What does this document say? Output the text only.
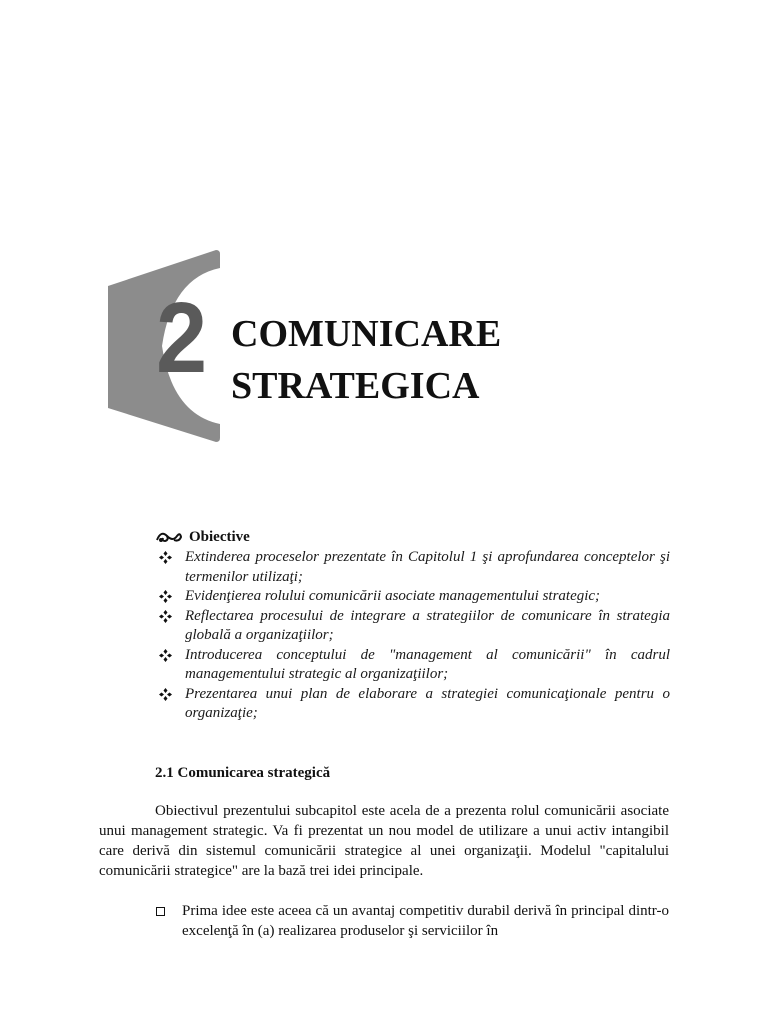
2 COMUNICARE
STRATEGICA
Obiective
Extinderea proceselor prezentate în Capitolul 1 şi aprofundarea conceptelor şi termenilor utilizaţi;
Evidenţierea rolului comunicării asociate managementului strategic;
Reflectarea procesului de integrare a strategiilor de comunicare în strategia globală a organizaţiilor;
Introducerea conceptului de "management al comunicării" în cadrul managementului strategic al organizaţiilor;
Prezentarea unui plan de elaborare a strategiei comunicaţionale pentru o organizaţie;
2.1 Comunicarea strategică

Obiectivul prezentului subcapitol este acela de a prezenta rolul comunicării asociate unui management strategic. Va fi prezentat un nou model de utilizare a unui activ intangibil care derivă din sistemul comunicării strategice al unei organizaţii. Modelul "capitalului comunicării strategice" are la bază trei idei principale.

Prima idee este aceea că un avantaj competitiv durabil derivă în principal dintr-o excelenţă în (a) realizarea produselor şi serviciilor în
